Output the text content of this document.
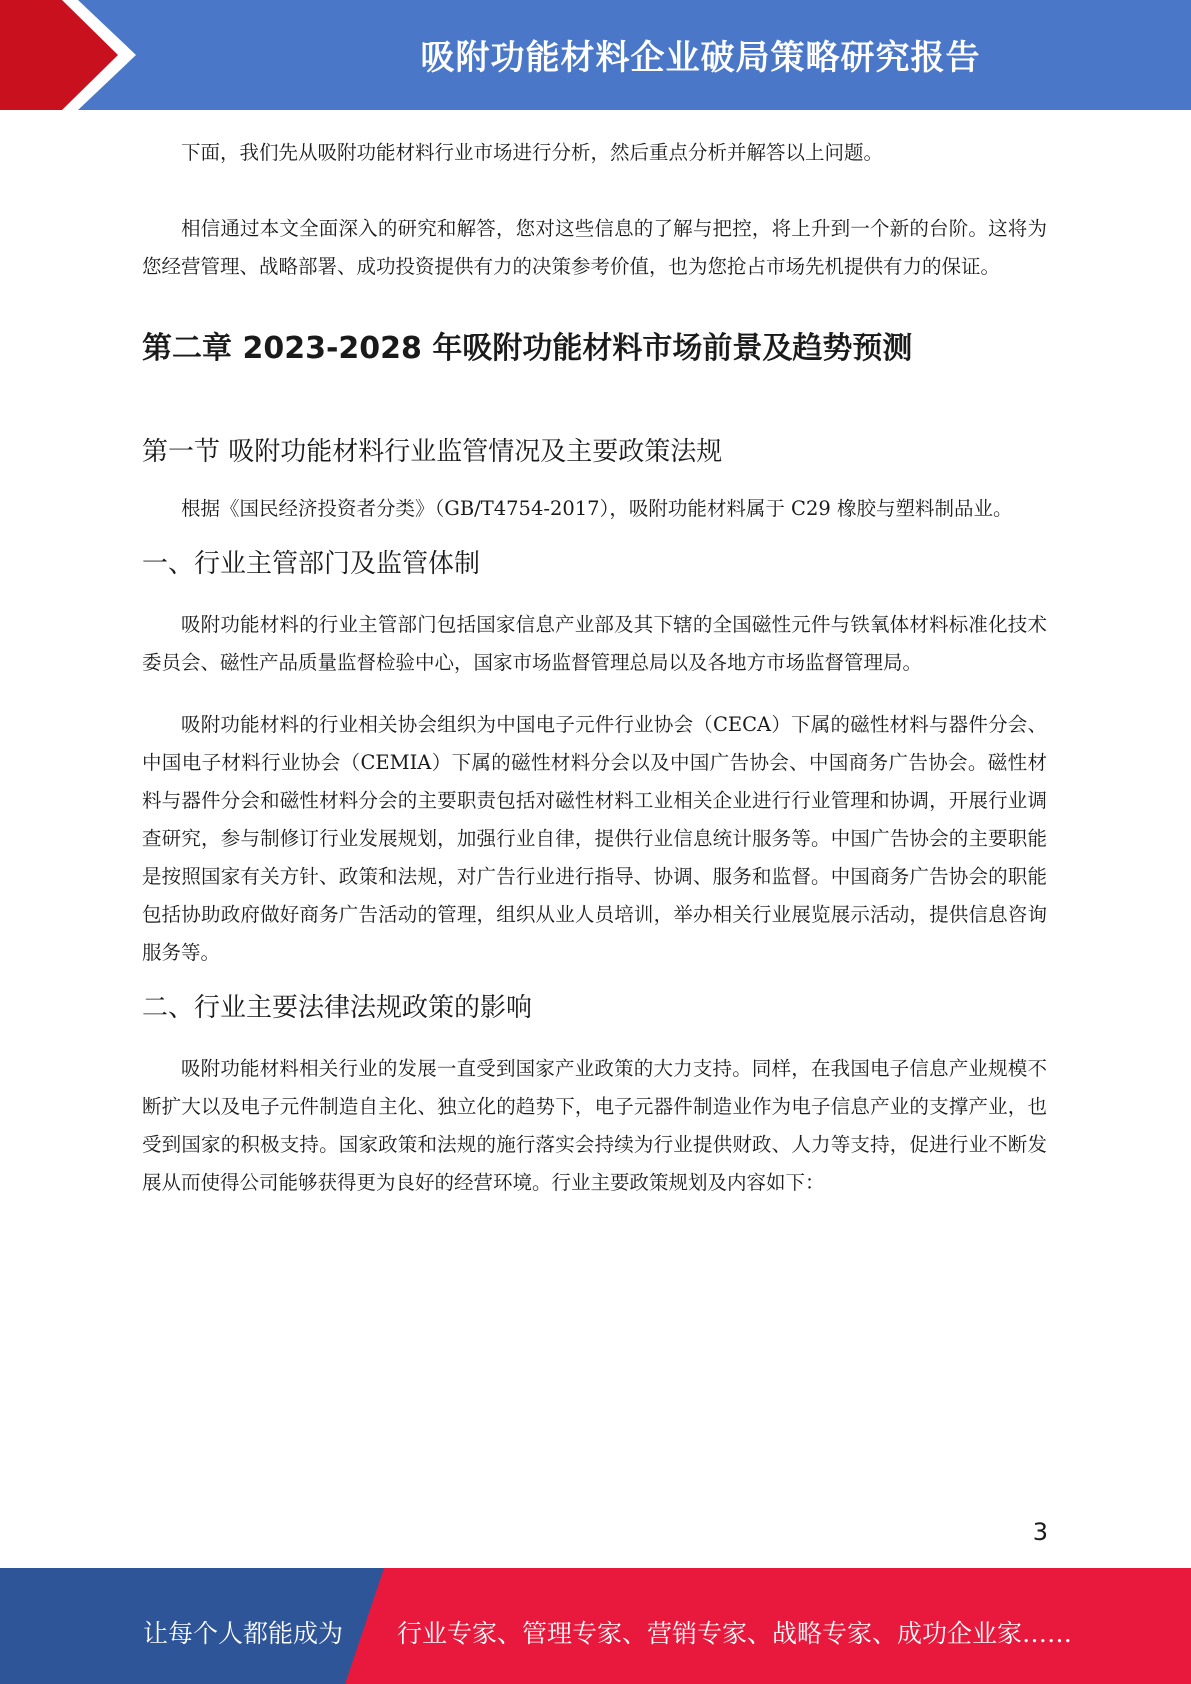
吸附功能材料企业破局策略研究报告

下面，我们先从吸附功能材料行业市场进行分析，然后重点分析并解答以上问题。

相信通过本文全面深入的研究和解答，您对这些信息的了解与把控，将上升到一个新的台阶。这将为您经营管理、战略部署、成功投资提供有力的决策参考价值，也为您抢占市场先机提供有力的保证。

第二章 2023-2028 年吸附功能材料市场前景及趋势预测
第一节 吸附功能材料行业监管情况及主要政策法规

根据《国民经济投资者分类》（GB/T4754-2017），吸附功能材料属于 C29 橡胶与塑料制品业。

一、行业主管部门及监管体制

吸附功能材料的行业主管部门包括国家信息产业部及其下辖的全国磁性元件与铁氧体材料标准化技术委员会、磁性产品质量监督检验中心，国家市场监督管理总局以及各地方市场监督管理局。

吸附功能材料的行业相关协会组织为中国电子元件行业协会（CECA）下属的磁性材料与器件分会、中国电子材料行业协会（CEMIA）下属的磁性材料分会以及中国广告协会、中国商务广告协会。磁性材料与器件分会和磁性材料分会的主要职责包括对磁性材料工业相关企业进行行业管理和协调，开展行业调查研究，参与制修订行业发展规划，加强行业自律，提供行业信息统计服务等。中国广告协会的主要职能是按照国家有关方针、政策和法规，对广告行业进行指导、协调、服务和监督。中国商务广告协会的职能包括协助政府做好商务广告活动的管理，组织从业人员培训，举办相关行业展览展示活动，提供信息咨询服务等。

二、行业主要法律法规政策的影响

吸附功能材料相关行业的发展一直受到国家产业政策的大力支持。同样，在我国电子信息产业规模不断扩大以及电子元件制造自主化、独立化的趋势下，电子元器件制造业作为电子信息产业的支撑产业，也受到国家的积极支持。国家政策和法规的施行落实会持续为行业提供财政、人力等支持，促进行业不断发展从而使得公司能够获得更为良好的经营环境。行业主要政策规划及内容如下：

3
让每个人都能成为 行业专家、管理专家、营销专家、战略专家、成功企业家……
